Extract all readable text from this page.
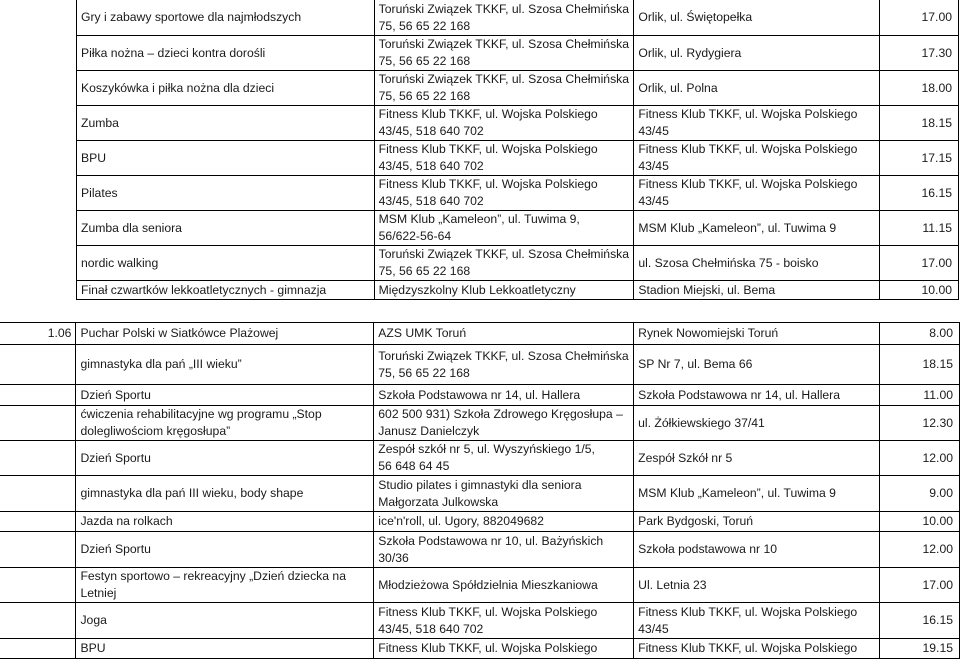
Gry i zabawy sportowe dla najmłodszych	Toruński Związek TKKF, ul. Szosa Chełmińska
75, 56 65 22 168	Orlik, ul. Świętopełka	17.00
Piłka nożna – dzieci kontra dorośli	Toruński Związek TKKF, ul. Szosa Chełmińska
75, 56 65 22 168	Orlik, ul. Rydygiera	17.30
Koszykówka i piłka nożna dla dzieci	Toruński Związek TKKF, ul. Szosa Chełmińska
75, 56 65 22 168	Orlik, ul. Polna	18.00
Zumba	Fitness Klub TKKF, ul. Wojska Polskiego
43/45, 518 640 702	Fitness Klub TKKF, ul. Wojska Polskiego
43/45	18.15
BPU	Fitness Klub TKKF, ul. Wojska Polskiego
43/45, 518 640 702	Fitness Klub TKKF, ul. Wojska Polskiego
43/45	17.15
Pilates	Fitness Klub TKKF, ul. Wojska Polskiego
43/45, 518 640 702	Fitness Klub TKKF, ul. Wojska Polskiego
43/45	16.15
Zumba dla seniora	MSM Klub „Kameleon”, ul. Tuwima 9,
56/622-56-64	MSM Klub „Kameleon”, ul. Tuwima 9	11.15
nordic walking	Toruński Związek TKKF, ul. Szosa Chełmińska
75, 56 65 22 168	ul. Szosa Chełmińska 75 - boisko	17.00
Finał czwartków lekkoatletycznych - gimnazja	Międzyszkolny Klub Lekkoatletyczny	Stadion Miejski, ul. Bema	10.00
1.06	Puchar Polski w Siatkówce Plażowej	AZS UMK Toruń	Rynek Nowomiejski Toruń	8.00
	gimnastyka dla pań „III wieku”	Toruński Związek TKKF, ul. Szosa Chełmińska
75, 56 65 22 168	SP Nr 7, ul. Bema 66	18.15
	Dzień Sportu	Szkoła Podstawowa nr 14, ul. Hallera	Szkoła Podstawowa nr 14, ul. Hallera	11.00
	ćwiczenia rehabilitacyjne wg programu „Stop
dolegliwościom kręgosłupa”	602 500 931) Szkoła Zdrowego Kręgosłupa –
Janusz Danielczyk	ul. Żółkiewskiego 37/41	12.30
	Dzień Sportu	Zespół szkół nr 5, ul. Wyszyńskiego 1/5,
56 648 64 45	Zespół Szkół nr 5	12.00
	gimnastyka dla pań III wieku, body shape	Studio pilates i gimnastyki dla seniora
Małgorzata Julkowska	MSM Klub „Kameleon”, ul. Tuwima 9	9.00
	Jazda na rolkach	ice'n'roll, ul. Ugory, 882049682	Park Bydgoski, Toruń	10.00
	Dzień Sportu	Szkoła Podstawowa nr 10, ul. Bażyńskich
30/36	Szkoła podstawowa nr 10	12.00
	Festyn sportowo – rekreacyjny „Dzień dziecka na
Letniej	Młodzieżowa Spółdzielnia Mieszkaniowa	Ul. Letnia 23	17.00
	Joga	Fitness Klub TKKF, ul. Wojska Polskiego
43/45, 518 640 702	Fitness Klub TKKF, ul. Wojska Polskiego
43/45	16.15
	BPU	Fitness Klub TKKF, ul. Wojska Polskiego	Fitness Klub TKKF, ul. Wojska Polskiego	19.15
